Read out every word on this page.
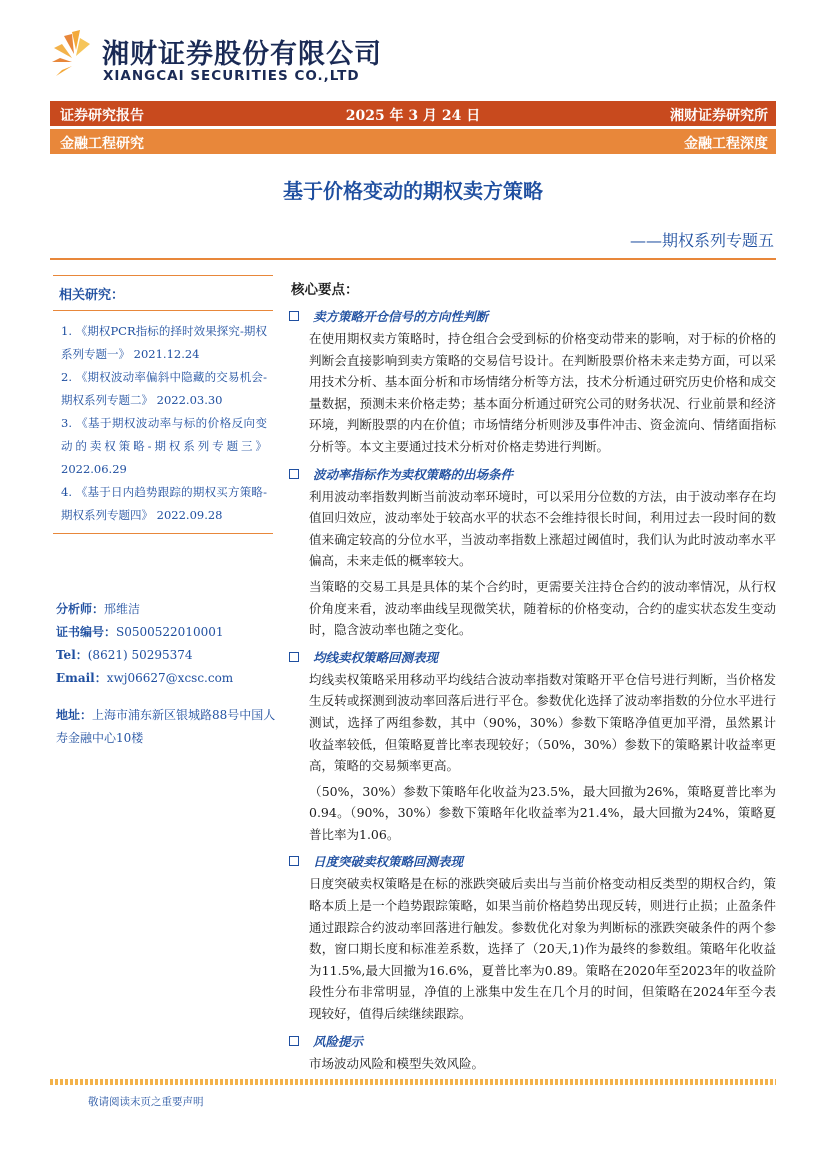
湘财证券股份有限公司
XIANGCAI SECURITIES CO.,LTD
证券研究报告	2025 年 3 月 24 日	湘财证券研究所
金融工程研究	金融工程深度
基于价格变动的期权卖方策略
——期权系列专题五
相关研究：
1. 《期权PCR指标的择时效果探究-期权系列专题一》 2021.12.24
2. 《期权波动率偏斜中隐藏的交易机会-期权系列专题二》 2022.03.30
3. 《基于期权波动率与标的价格反向变动的卖权策略-期权系列专题三》 2022.06.29
4. 《基于日内趋势跟踪的期权买方策略-期权系列专题四》 2022.09.28
分析师：邢维洁
证书编号：S0500522010001
Tel：(8621) 50295374
Email：xwj06627@xcsc.com
地址：上海市浦东新区银城路88号中国人寿金融中心10楼
核心要点：
卖方策略开仓信号的方向性判断

在使用期权卖方策略时，持仓组合会受到标的价格变动带来的影响，对于标的价格的判断会直接影响到卖方策略的交易信号设计。在判断股票价格未来走势方面，可以采用技术分析、基本面分析和市场情绪分析等方法，技术分析通过研究历史价格和成交量数据，预测未来价格走势；基本面分析通过研究公司的财务状况、行业前景和经济环境，判断股票的内在价值；市场情绪分析则涉及事件冲击、资金流向、情绪面指标分析等。本文主要通过技术分析对价格走势进行判断。

波动率指标作为卖权策略的出场条件

利用波动率指数判断当前波动率环境时，可以采用分位数的方法，由于波动率存在均值回归效应，波动率处于较高水平的状态不会维持很长时间，利用过去一段时间的数值来确定较高的分位水平，当波动率指数上涨超过阈值时，我们认为此时波动率水平偏高，未来走低的概率较大。

当策略的交易工具是具体的某个合约时，更需要关注持仓合约的波动率情况，从行权价角度来看，波动率曲线呈现微笑状，随着标的价格变动，合约的虚实状态发生变动时，隐含波动率也随之变化。

均线卖权策略回测表现

均线卖权策略采用移动平均线结合波动率指数对策略开平仓信号进行判断，当价格发生反转或探测到波动率回落后进行平仓。参数优化选择了波动率指数的分位水平进行测试，选择了两组参数，其中（90%，30%）参数下策略净值更加平滑，虽然累计收益率较低，但策略夏普比率表现较好；（50%，30%）参数下的策略累计收益率更高，策略的交易频率更高。

（50%，30%）参数下策略年化收益为23.5%，最大回撤为26%，策略夏普比率为0.94。（90%，30%）参数下策略年化收益率为21.4%，最大回撤为24%，策略夏普比率为1.06。

日度突破卖权策略回测表现

日度突破卖权策略是在标的涨跌突破后卖出与当前价格变动相反类型的期权合约，策略本质上是一个趋势跟踪策略，如果当前价格趋势出现反转，则进行止损；止盈条件通过跟踪合约波动率回落进行触发。参数优化对象为判断标的涨跌突破条件的两个参数，窗口期长度和标准差系数，选择了（20天,1)作为最终的参数组。策略年化收益为11.5%,最大回撤为16.6%，夏普比率为0.89。策略在2020年至2023年的收益阶段性分布非常明显，净值的上涨集中发生在几个月的时间，但策略在2024年至今表现较好，值得后续继续跟踪。

风险提示

市场波动风险和模型失效风险。

敬请阅读末页之重要声明
